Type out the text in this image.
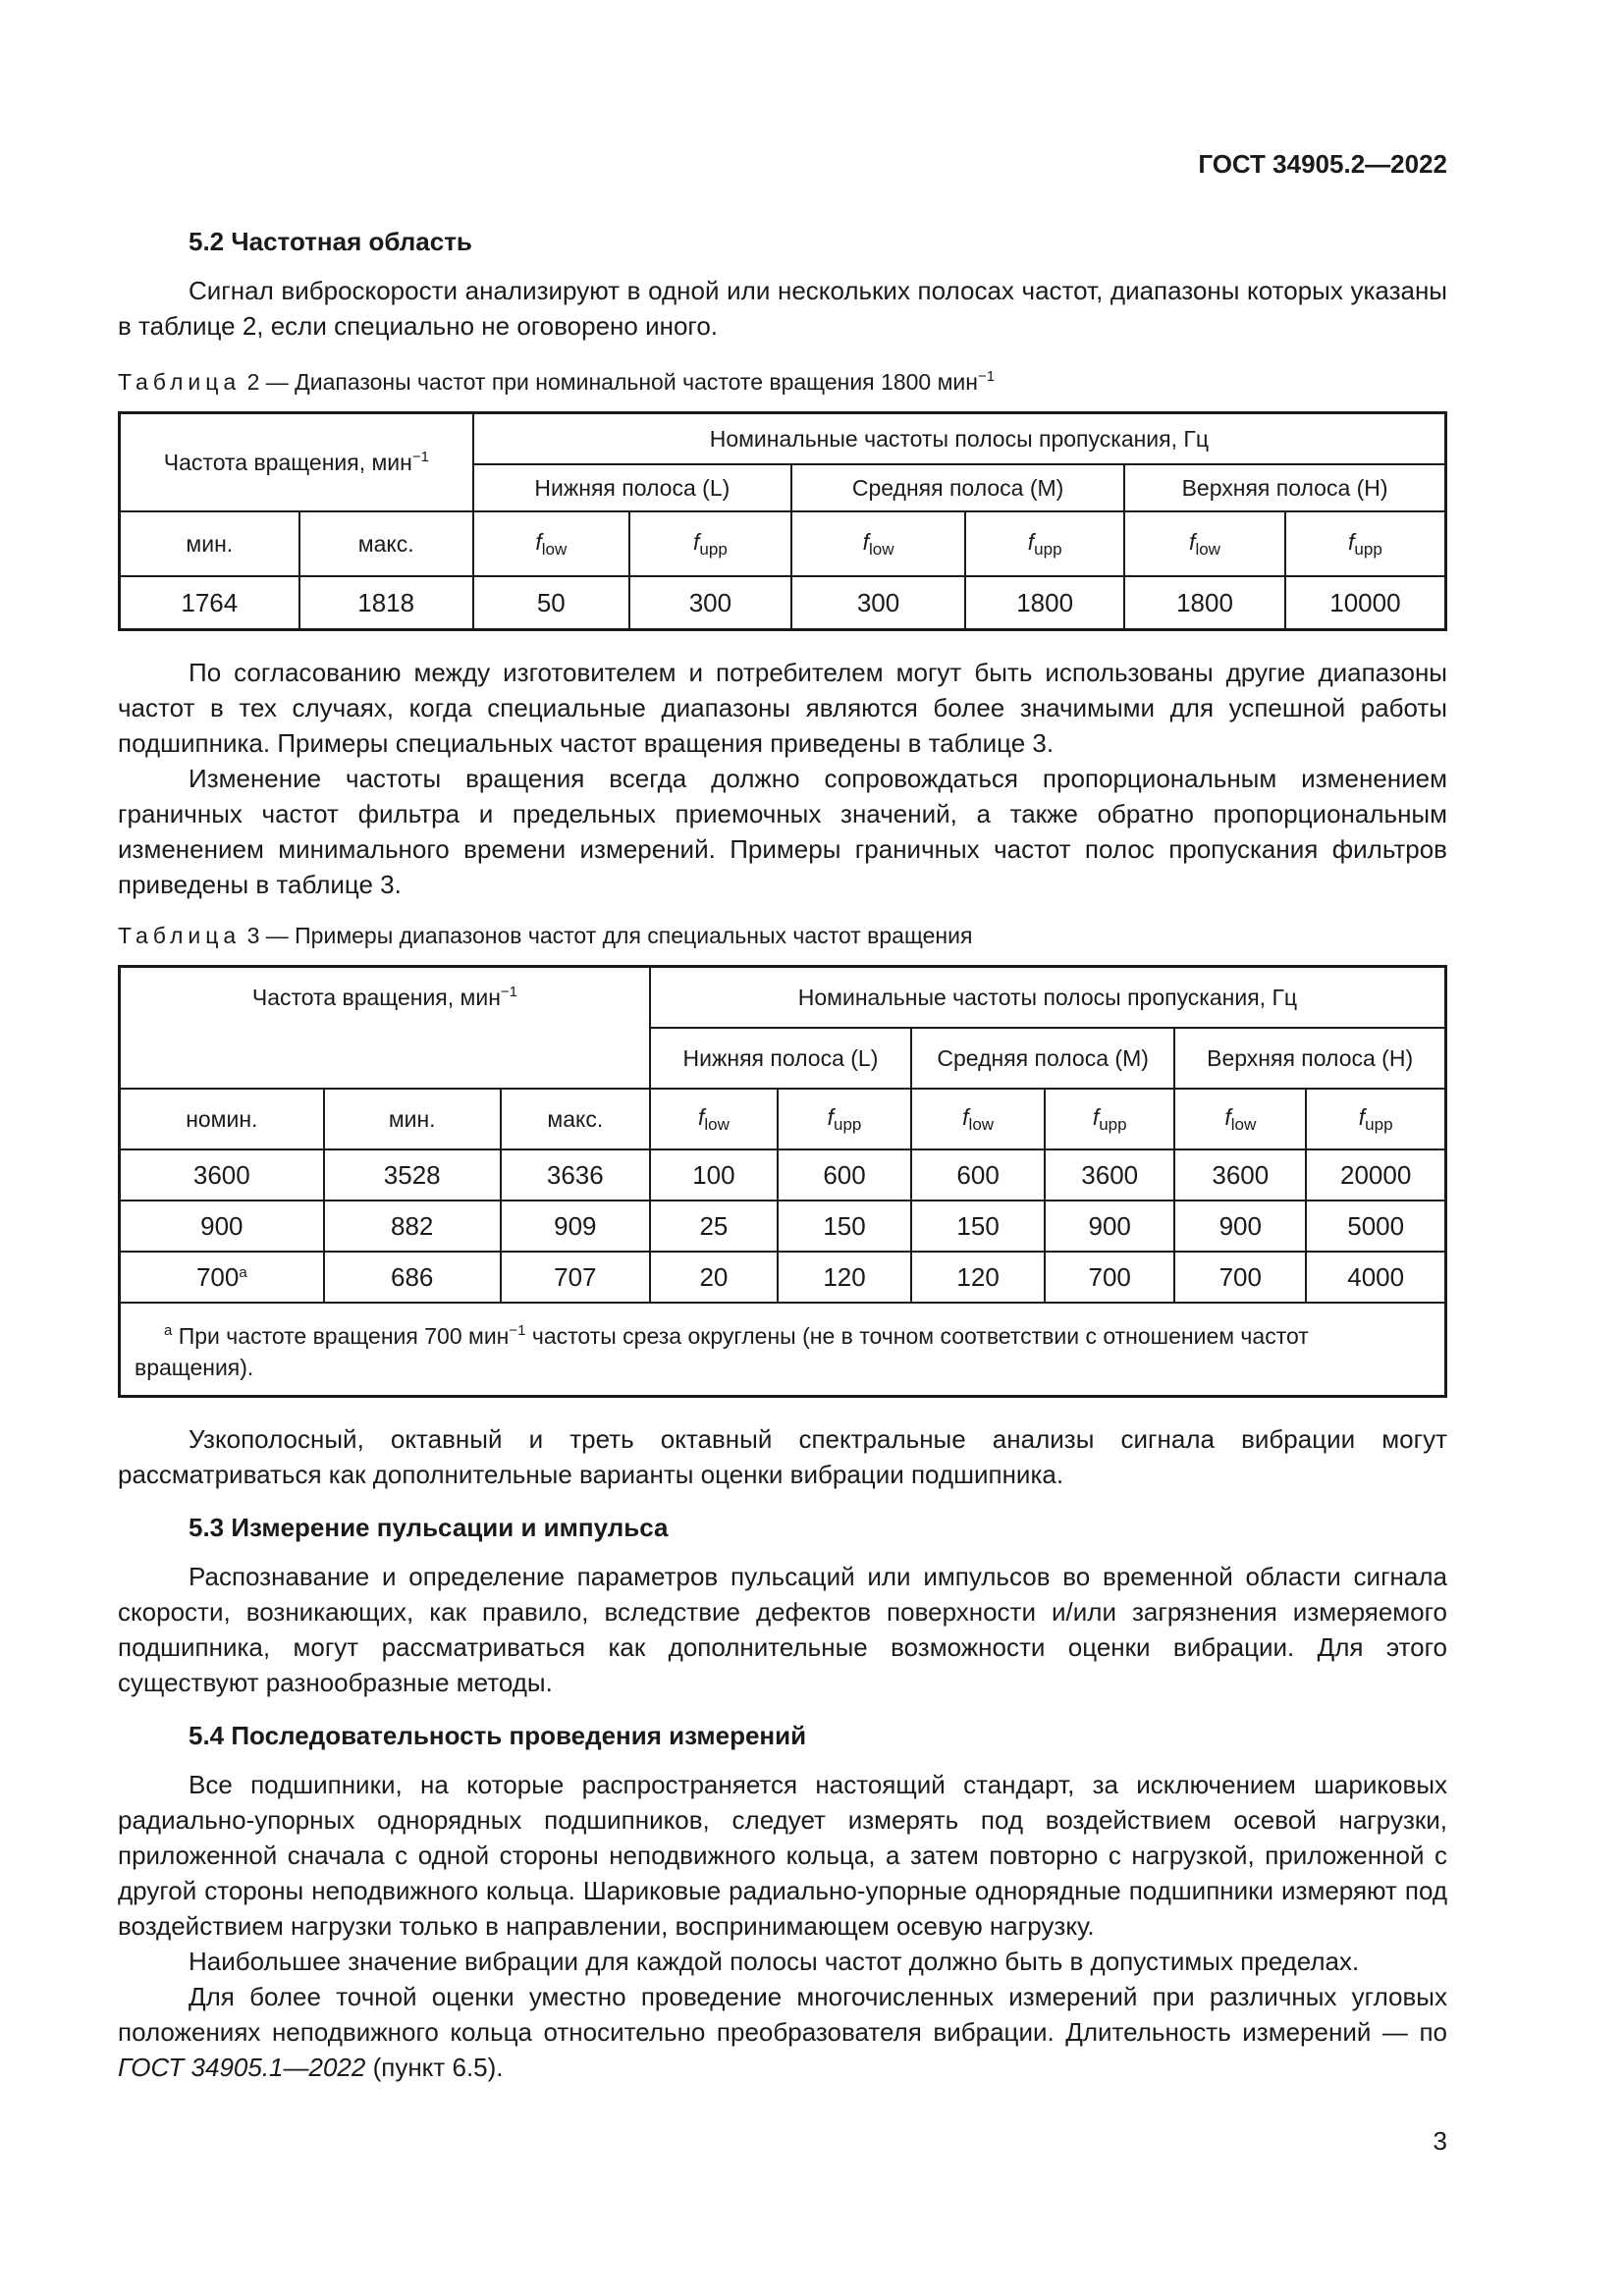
ГОСТ 34905.2—2022
5.2 Частотная область

Сигнал виброскорости анализируют в одной или нескольких полосах частот, диапазоны которых указаны в таблице 2, если специально не оговорено иного.

Таблица 2 — Диапазоны частот при номинальной частоте вращения 1800 мин$^{-1}$
Частота вращения, мин$^{-1}$		Номинальные частоты полосы пропускания, Гц					
		Нижняя полоса (L)		Средняя полоса (M)		Верхняя полоса (H)	
мин.	макс.	$f_{low}$	$f_{upp}$	$f_{low}$	$f_{upp}$	$f_{low}$	$f_{upp}$
1764	1818	50	300	300	1800	1800	10000

По согласованию между изготовителем и потребителем могут быть использованы другие диапазоны частот в тех случаях, когда специальные диапазоны являются более значимыми для успешной работы подшипника. Примеры специальных частот вращения приведены в таблице 3.

Изменение частоты вращения всегда должно сопровождаться пропорциональным изменением граничных частот фильтра и предельных приемочных значений, а также обратно пропорциональным изменением минимального времени измерений. Примеры граничных частот полос пропускания фильтров приведены в таблице 3.

Таблица 3 — Примеры диапазонов частот для специальных частот вращения
Частота вращения, мин$^{-1}$			Номинальные частоты полосы пропускания, Гц					
			Нижняя полоса (L)		Средняя полоса (M)		Верхняя полоса (H)	
номин.	мин.	макс.	$f_{low}$	$f_{upp}$	$f_{low}$	$f_{upp}$	$f_{low}$	$f_{upp}$
3600	3528	3636	100	600	600	3600	3600	20000
900	882	909	25	150	150	900	900	5000
700$^a$	686	707	20	120	120	700	700	4000
$^a$ При частоте вращения 700 мин$^{-1}$ частоты среза округлены (не в точном соответствии с отношением частот вращения).								

Узкополосный, октавный и треть октавный спектральные анализы сигнала вибрации могут рассматриваться как дополнительные варианты оценки вибрации подшипника.

5.3 Измерение пульсации и импульса

Распознавание и определение параметров пульсаций или импульсов во временной области сигнала скорости, возникающих, как правило, вследствие дефектов поверхности и/или загрязнения измеряемого подшипника, могут рассматриваться как дополнительные возможности оценки вибрации. Для этого существуют разнообразные методы.

5.4 Последовательность проведения измерений

Все подшипники, на которые распространяется настоящий стандарт, за исключением шариковых радиально-упорных однорядных подшипников, следует измерять под воздействием осевой нагрузки, приложенной сначала с одной стороны неподвижного кольца, а затем повторно с нагрузкой, приложенной с другой стороны неподвижного кольца. Шариковые радиально-упорные однорядные подшипники измеряют под воздействием нагрузки только в направлении, воспринимающем осевую нагрузку.

Наибольшее значение вибрации для каждой полосы частот должно быть в допустимых пределах.

Для более точной оценки уместно проведение многочисленных измерений при различных угловых положениях неподвижного кольца относительно преобразователя вибрации. Длительность измерений — по ГОСТ 34905.1—2022 (пункт 6.5).

3
